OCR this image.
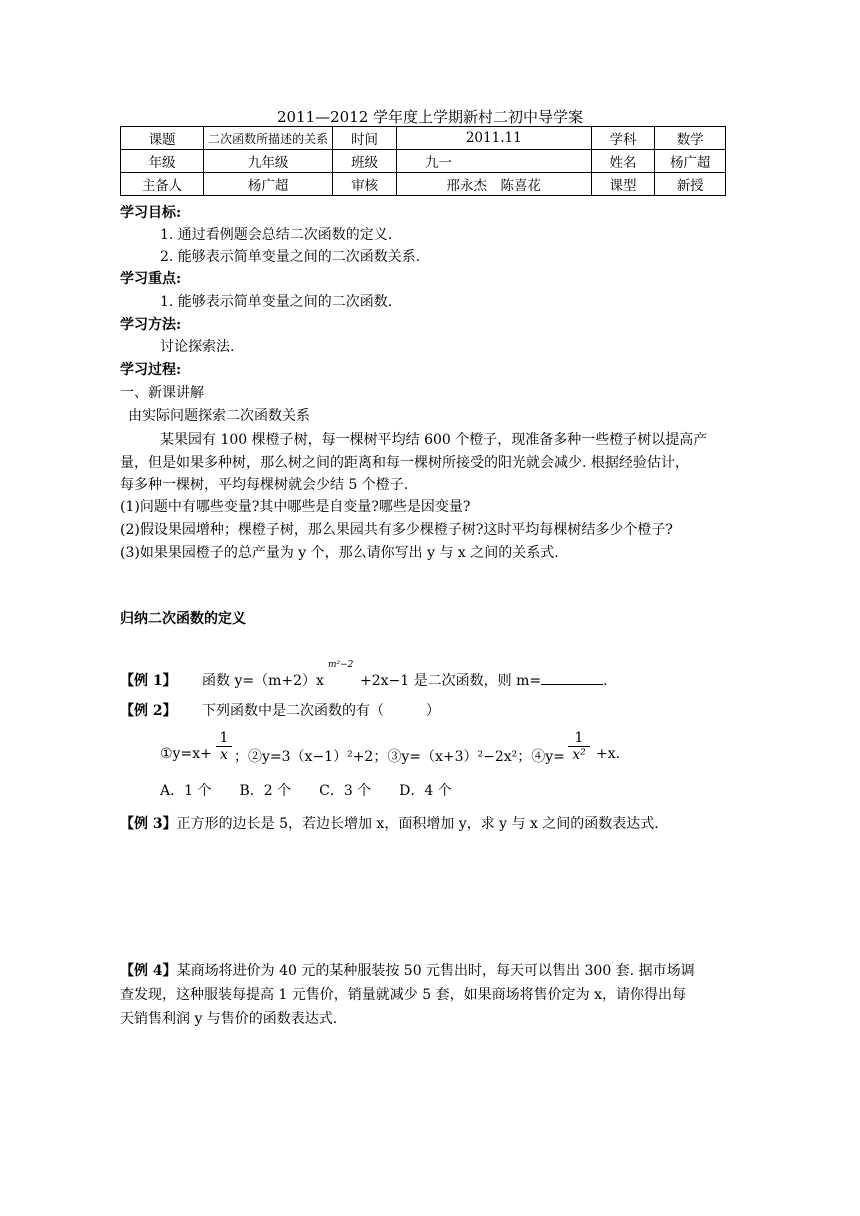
2011—2012 学年度上学期新村二初中导学案
课题	二次函数所描述的关系	时间	2011.11	学科	数学
年级	九年级	班级	九一	姓名	杨广超
主备人	杨广超	审核	邢永杰　陈喜花	课型	新授
学习目标:
1. 通过看例题会总结二次函数的定义.
2. 能够表示简单变量之间的二次函数关系.
学习重点:
1. 能够表示简单变量之间的二次函数.
学习方法:
讨论探索法.
学习过程:
一、新课讲解
由实际问题探索二次函数关系
某果园有 100 棵橙子树，每一棵树平均结 600 个橙子，现准备多种一些橙子树以提高产
量，但是如果多种树，那么树之间的距离和每一棵树所接受的阳光就会减少. 根据经验估计，
每多种一棵树，平均每棵树就会少结 5 个橙子.
(1)问题中有哪些变量?其中哪些是自变量?哪些是因变量?
(2)假设果园增种；棵橙子树，那么果园共有多少棵橙子树?这时平均每棵树结多少个橙子?
(3)如果果园橙子的总产量为 y 个，那么请你写出 y 与 x 之间的关系式.
归纳二次函数的定义
【例 1】 函数 y=（m+2）x
m²−2
+2x−1 是二次函数，则 m=	.
【例 2】 下列函数中是二次函数的有（　　　）
①y=x+ $\frac{1}{x}$ ；②y=3（x−1）²+2；③y=（x+3）²−2x²；④y= $\frac{1}{\text{x²}} +x$.
A．1 个　　B．2 个　　C．3 个　　D．4 个
【例 3】正方形的边长是 5，若边长增加 x，面积增加 y，求 y 与 x 之间的函数表达式.
【例 4】某商场将进价为 40 元的某种服装按 50 元售出时，每天可以售出 300 套. 据市场调
查发现，这种服装每提高 1 元售价，销量就减少 5 套，如果商场将售价定为 x，请你得出每
天销售利润 y 与售价的函数表达式.
